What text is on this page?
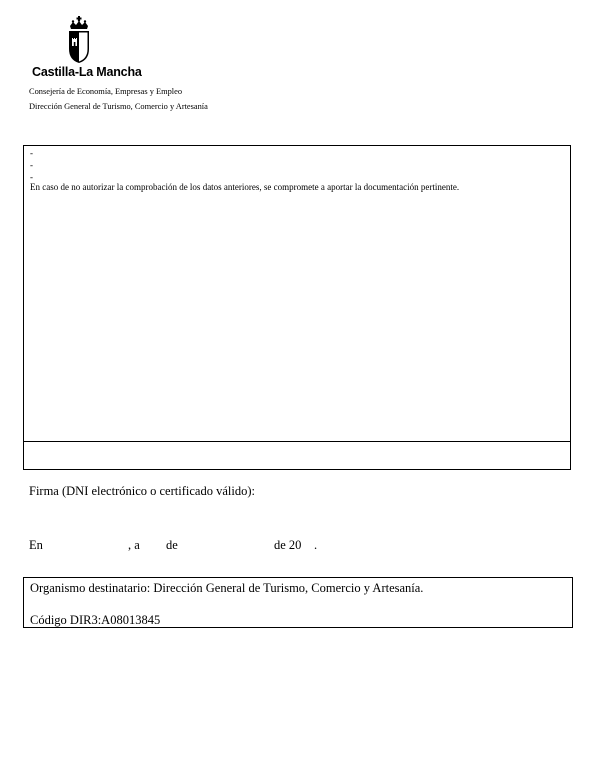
Castilla-La Mancha
Consejería de Economía, Empresas y Empleo
Dirección General de Turismo, Comercio y Artesanía
-
-
-
En caso de no autorizar la comprobación de los datos anteriores, se compromete a aportar la documentación pertinente.
Firma (DNI electrónico o certificado válido):
En	, a de	de 20 .
Organismo destinatario: Dirección General de Turismo, Comercio y Artesanía.
Código DIR3:A08013845
